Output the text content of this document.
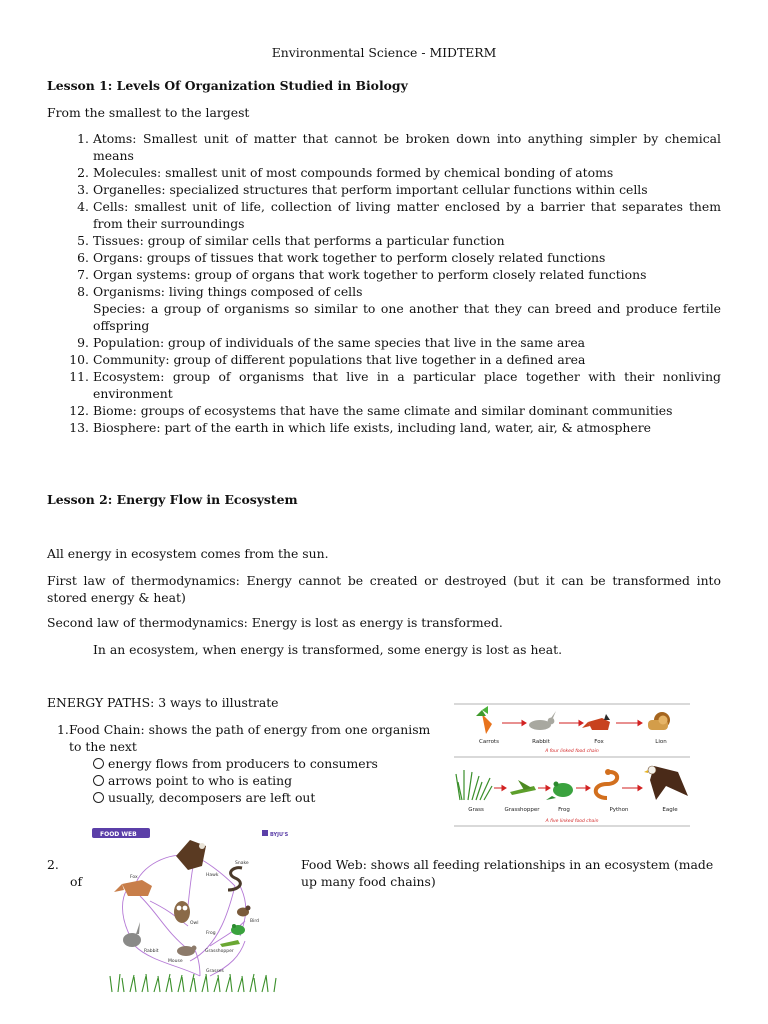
Environmental Science - MIDTERM
Lesson 1: Levels Of Organization Studied in Biology
From the smallest to the largest
1. Atoms: Smallest unit of matter that cannot be broken down into anything simpler by chemical means
2. Molecules: smallest unit of most compounds formed by chemical bonding of atoms
3. Organelles: specialized structures that perform important cellular functions within cells
4. Cells: smallest unit of life, collection of living matter enclosed by a barrier that separates them from their surroundings
5. Tissues: group of similar cells that performs a particular function
6. Organs: groups of tissues that work together to perform closely related functions
7. Organ systems: group of organs that work together to perform closely related functions
8. Organisms: living things composed of cells
Species: a group of organisms so similar to one another that they can breed and produce fertile offspring
9. Population: group of individuals of the same species that live in the same area
10. Community: group of different populations that live together in a defined area
11. Ecosystem: group of organisms that live in a particular place together with their nonliving environment
12. Biome: groups of ecosystems that have the same climate and similar dominant communities
13. Biosphere: part of the earth in which life exists, including land, water, air, & atmosphere
Lesson 2: Energy Flow in Ecosystem
All energy in ecosystem comes from the sun.
First law of thermodynamics: Energy cannot be created or destroyed (but it can be transformed into stored energy & heat)
Second law of thermodynamics: Energy is lost as energy is transformed.
In an ecosystem, when energy is transformed, some energy is lost as heat.
ENERGY PATHS: 3 ways to illustrate
1. Food Chain: shows the path of energy from one organism to the next
energy flows from producers to consumers
arrows point to who is eating
usually, decomposers are left out
Carrots	Rabbit	Fox	Lion
A four linked food chain
Grass	Grasshopper	Frog	Python	Eagle
A five linked food chain
2.
of
Food Web: shows all feeding relationships in an ecosystem (made up many food chains)
FOOD WEB	BYJU'S
Hawk
Snake
Fox
Owl	Bird
Frog
Rabbit	Grasshopper
Mouse
Grasses
